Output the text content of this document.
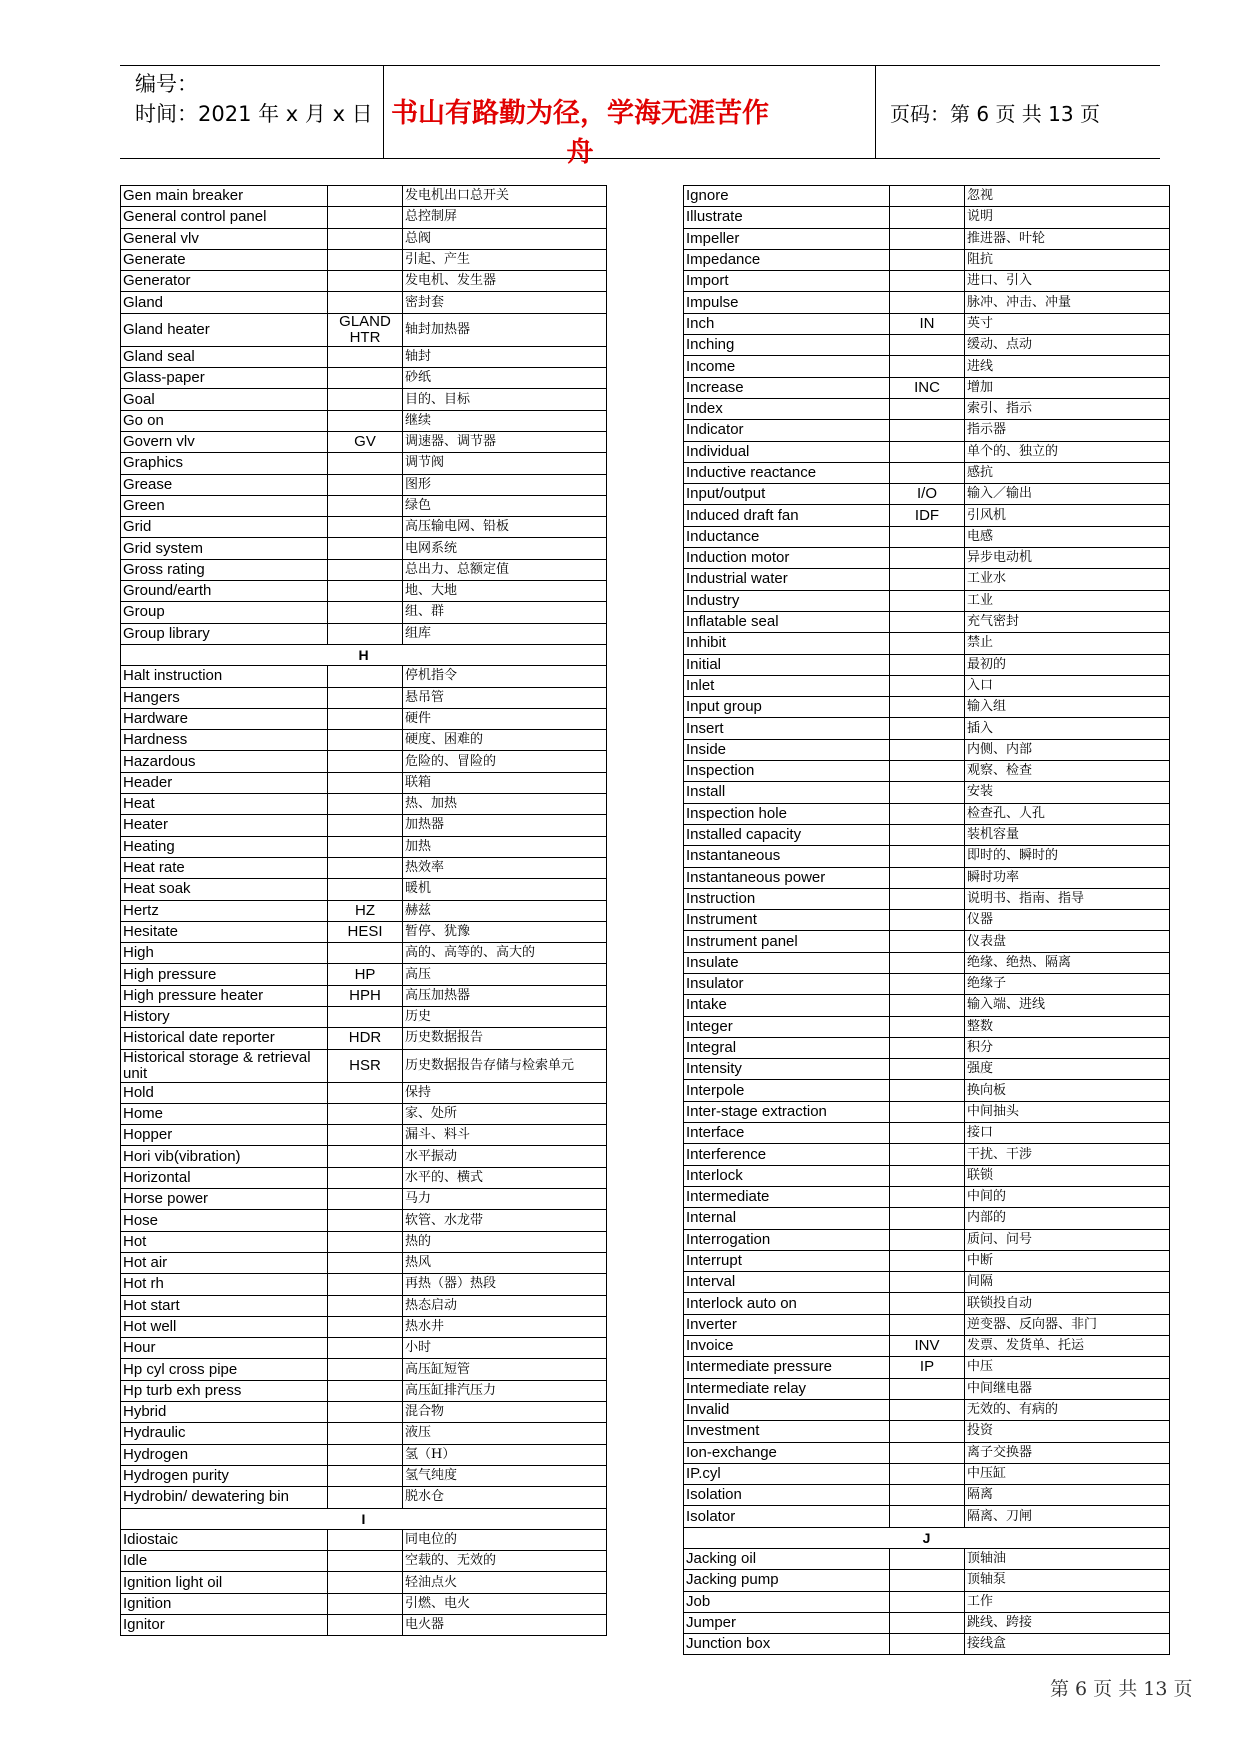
编号：
时间：2021 年 x 月 x 日 书山有路勤为径，学海无涯苦作舟
页码：第 6 页 共 13 页
Gen main breaker		发电机出口总开关
General control panel		总控制屏
General vlv		总阀
Generate		引起、产生
Generator		发电机、发生器
Gland		密封套
Gland heater	GLAND HTR	轴封加热器
Gland seal		轴封
Glass-paper		砂纸
Goal		目的、目标
Go on		继续
Govern vlv	GV	调速器、调节器
Graphics		调节阀
Grease		图形
Green		绿色
Grid		高压输电网、铅板
Grid system		电网系统
Gross rating		总出力、总额定值
Ground/earth		地、大地
Group		组、群
Group library		组库
H		
Halt instruction		停机指令
Hangers		悬吊管
Hardware		硬件
Hardness		硬度、困难的
Hazardous		危险的、冒险的
Header		联箱
Heat		热、加热
Heater		加热器
Heating		加热
Heat rate		热效率
Heat soak		暖机
Hertz	HZ	赫兹
Hesitate	HESI	暂停、犹豫
High		高的、高等的、高大的
High pressure	HP	高压
High pressure heater	HPH	高压加热器
History		历史
Historical date reporter	HDR	历史数据报告
Historical storage & retrieval unit	HSR	历史数据报告存储与检索单元
Hold		保持
Home		家、处所
Hopper		漏斗、料斗
Hori vib(vibration)		水平振动
Horizontal		水平的、横式
Horse power		马力
Hose		软管、水龙带
Hot		热的
Hot air		热风
Hot rh		再热（器）热段
Hot start		热态启动
Hot well		热水井
Hour		小时
Hp cyl cross pipe		高压缸短管
Hp turb exh press		高压缸排汽压力
Hybrid		混合物
Hydraulic		液压
Hydrogen		氢（H）
Hydrogen purity		氢气纯度
Hydrobin/ dewatering bin		脱水仓
I		
Idiostaic		同电位的
Idle		空载的、无效的
Ignition light oil		轻油点火
Ignition		引燃、电火
Ignitor		电火器
Ignore		忽视
Illustrate		说明
Impeller		推进器、叶轮
Impedance		阻抗
Import		进口、引入
Impulse		脉冲、冲击、冲量
Inch	IN	英寸
Inching		缓动、点动
Income		进线
Increase	INC	增加
Index		索引、指示
Indicator		指示器
Individual		单个的、独立的
Inductive reactance		感抗
Input/output	I/O	输入／输出
Induced draft fan	IDF	引风机
Inductance		电感
Induction motor		异步电动机
Industrial water		工业水
Industry		工业
Inflatable seal		充气密封
Inhibit		禁止
Initial		最初的
Inlet		入口
Input group		输入组
Insert		插入
Inside		内侧、内部
Inspection		观察、检查
Install		安装
Inspection hole		检查孔、人孔
Installed capacity		装机容量
Instantaneous		即时的、瞬时的
Instantaneous power		瞬时功率
Instruction		说明书、指南、指导
Instrument		仪器
Instrument panel		仪表盘
Insulate		绝缘、绝热、隔离
Insulator		绝缘子
Intake		输入端、进线
Integer		整数
Integral		积分
Intensity		强度
Interpole		换向板
Inter-stage extraction		中间抽头
Interface		接口
Interference		干扰、干涉
Interlock		联锁
Intermediate		中间的
Internal		内部的
Interrogation		质问、问号
Interrupt		中断
Interval		间隔
Interlock auto on		联锁投自动
Inverter		逆变器、反向器、非门
Invoice	INV	发票、发货单、托运
Intermediate pressure	IP	中压
Intermediate relay		中间继电器
Invalid		无效的、有病的
Investment		投资
Ion-exchange		离子交换器
IP.cyl		中压缸
Isolation		隔离
Isolator		隔离、刀闸
J		
Jacking oil		顶轴油
Jacking pump		顶轴泵
Job		工作
Jumper		跳线、跨接
Junction box		接线盒
第 6 页 共 13 页
